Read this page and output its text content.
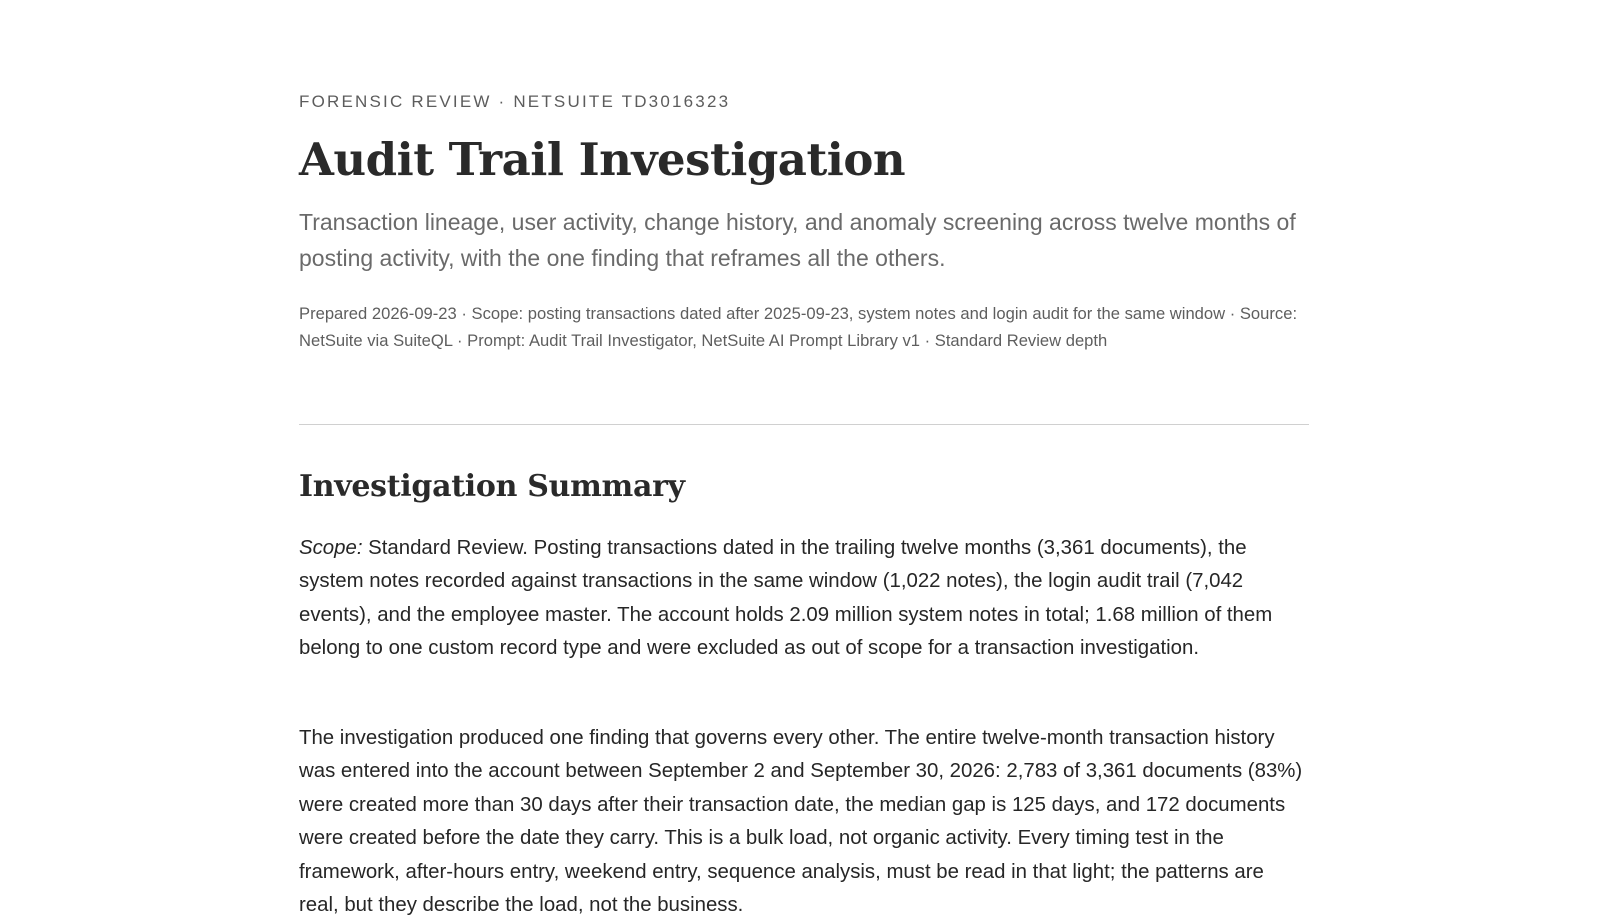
FORENSIC REVIEW · NETSUITE TD3016323
Audit Trail Investigation

Transaction lineage, user activity, change history, and anomaly screening across twelve months of posting activity, with the one finding that reframes all the others.

Prepared 2026-09-23 · Scope: posting transactions dated after 2025-09-23, system notes and login audit for the same window · Source: NetSuite via SuiteQL · Prompt: Audit Trail Investigator, NetSuite AI Prompt Library v1 · Standard Review depth

Investigation Summary

Scope: Standard Review. Posting transactions dated in the trailing twelve months (3,361 documents), the system notes recorded against transactions in the same window (1,022 notes), the login audit trail (7,042 events), and the employee master. The account holds 2.09 million system notes in total; 1.68 million of them belong to one custom record type and were excluded as out of scope for a transaction investigation.

The investigation produced one finding that governs every other. The entire twelve-month transaction history was entered into the account between September 2 and September 30, 2026: 2,783 of 3,361 documents (83%) were created more than 30 days after their transaction date, the median gap is 125 days, and 172 documents were created before the date they carry. This is a bulk load, not organic activity. Every timing test in the framework, after-hours entry, weekend entry, sequence analysis, must be read in that light; the patterns are real, but they describe the load, not the business.
